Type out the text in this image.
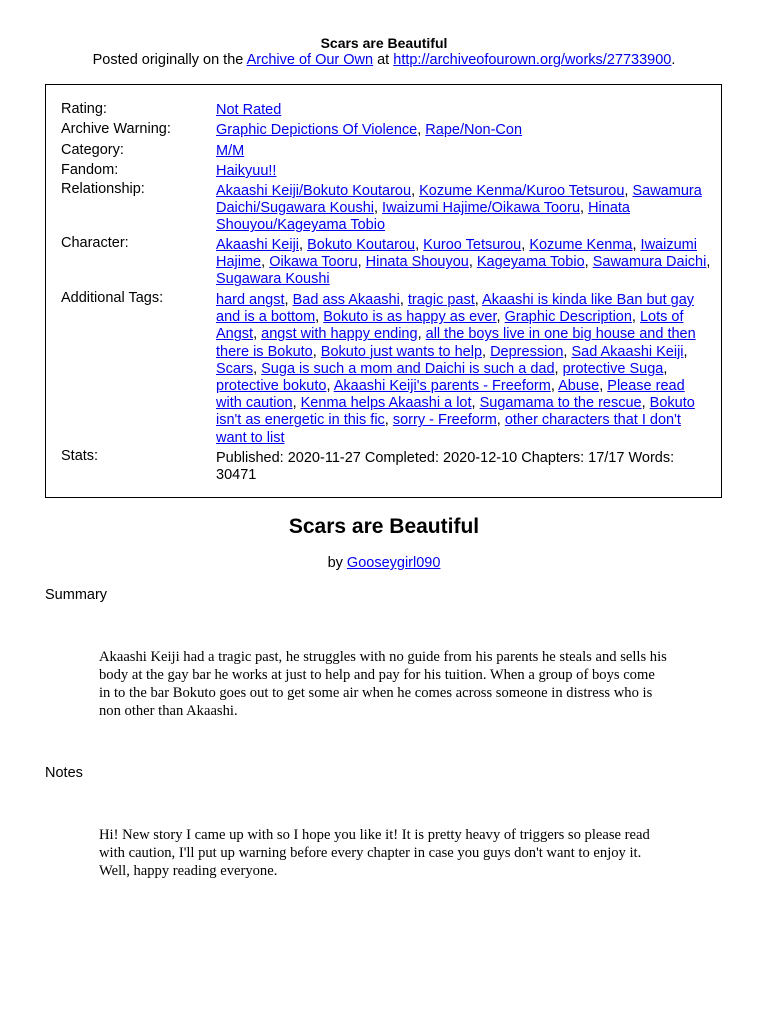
Scars are Beautiful
Posted originally on the Archive of Our Own at http://archiveofourown.org/works/27733900.
Rating:	Not Rated
Archive Warning:	Graphic Depictions Of Violence, Rape/Non-Con
Category:	M/M
Fandom:	Haikyuu!!
Relationship:	Akaashi Keiji/Bokuto Koutarou, Kozume Kenma/Kuroo Tetsurou, Sawamura Daichi/Sugawara Koushi, Iwaizumi Hajime/Oikawa Tooru, Hinata Shouyou/Kageyama Tobio
Character:	Akaashi Keiji, Bokuto Koutarou, Kuroo Tetsurou, Kozume Kenma, Iwaizumi Hajime, Oikawa Tooru, Hinata Shouyou, Kageyama Tobio, Sawamura Daichi, Sugawara Koushi
Additional Tags:	hard angst, Bad ass Akaashi, tragic past, Akaashi is kinda like Ban but gay and is a bottom, Bokuto is as happy as ever, Graphic Description, Lots of Angst, angst with happy ending, all the boys live in one big house and then there is Bokuto, Bokuto just wants to help, Depression, Sad Akaashi Keiji, Scars, Suga is such a mom and Daichi is such a dad, protective Suga, protective bokuto, Akaashi Keiji's parents - Freeform, Abuse, Please read with caution, Kenma helps Akaashi a lot, Sugamama to the rescue, Bokuto isn't as energetic in this fic, sorry - Freeform, other characters that I don't want to list
Stats:	Published: 2020-11-27 Completed: 2020-12-10 Chapters: 17/17 Words: 30471
Scars are Beautiful
by Gooseygirl090
Summary
Akaashi Keiji had a tragic past, he struggles with no guide from his parents he steals and sells his body at the gay bar he works at just to help and pay for his tuition. When a group of boys come in to the bar Bokuto goes out to get some air when he comes across someone in distress who is non other than Akaashi.
Notes
Hi! New story I came up with so I hope you like it! It is pretty heavy of triggers so please read with caution, I'll put up warning before every chapter in case you guys don't want to enjoy it. Well, happy reading everyone.
